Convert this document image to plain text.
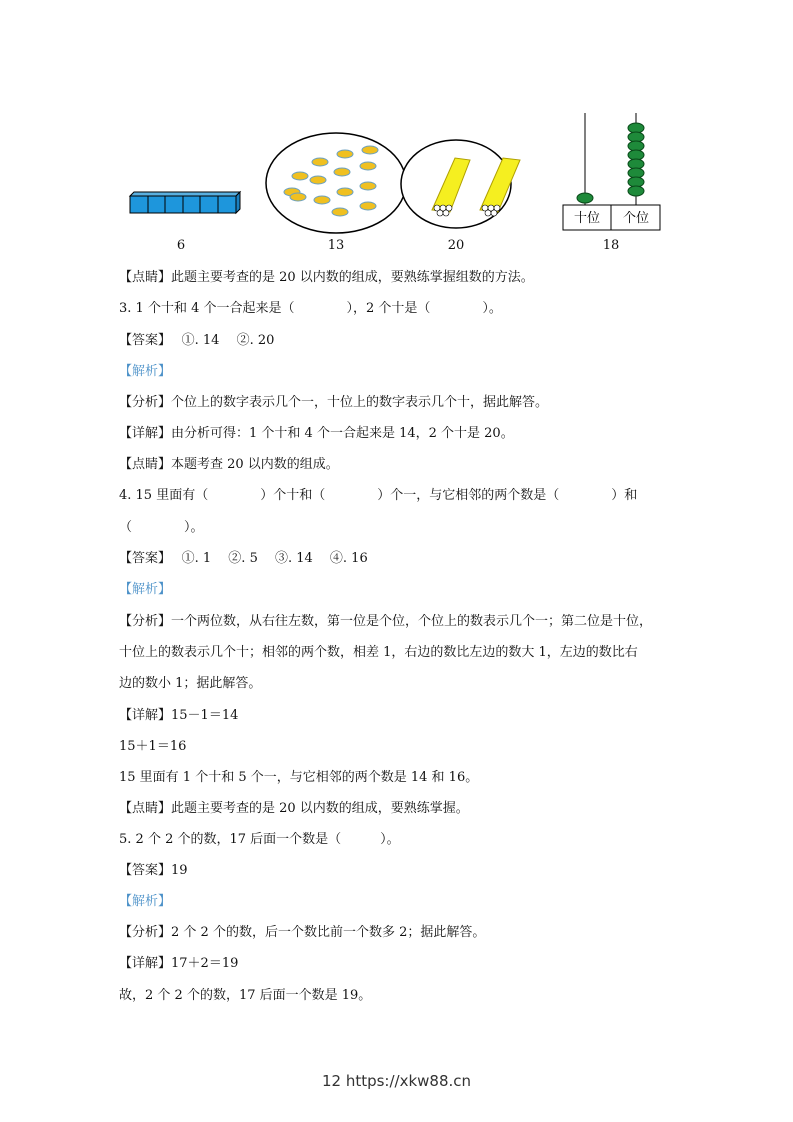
十位 个位
6	13	20	18
【点睛】此题主要考查的是 20 以内数的组成，要熟练掌握组数的方法。
3. 1 个十和 4 个一合起来是（　　　　），2 个十是（　　　　）。
【答案】　 ①. 14　 ②. 20
【解析】
【分析】个位上的数字表示几个一，十位上的数字表示几个十，据此解答。
【详解】由分析可得：1 个十和 4 个一合起来是 14，2 个十是 20。
【点睛】本题考查 20 以内数的组成。
4. 15 里面有（　　　　）个十和（　　　　）个一，与它相邻的两个数是（　　　　）和
（　　　　）。
【答案】　 ①. 1　 ②. 5　 ③. 14　 ④. 16
【解析】
【分析】一个两位数，从右往左数，第一位是个位，个位上的数表示几个一；第二位是十位，
十位上的数表示几个十；相邻的两个数，相差 1，右边的数比左边的数大 1，左边的数比右
边的数小 1；据此解答。
【详解】15－1＝14
15＋1＝16
15 里面有 1 个十和 5 个一，与它相邻的两个数是 14 和 16。
【点睛】此题主要考查的是 20 以内数的组成，要熟练掌握。
5. 2 个 2 个的数，17 后面一个数是（　　　）。
【答案】19
【解析】
【分析】2 个 2 个的数，后一个数比前一个数多 2；据此解答。
【详解】17＋2＝19
故，2 个 2 个的数，17 后面一个数是 19。
12 https://xkw88.cn
